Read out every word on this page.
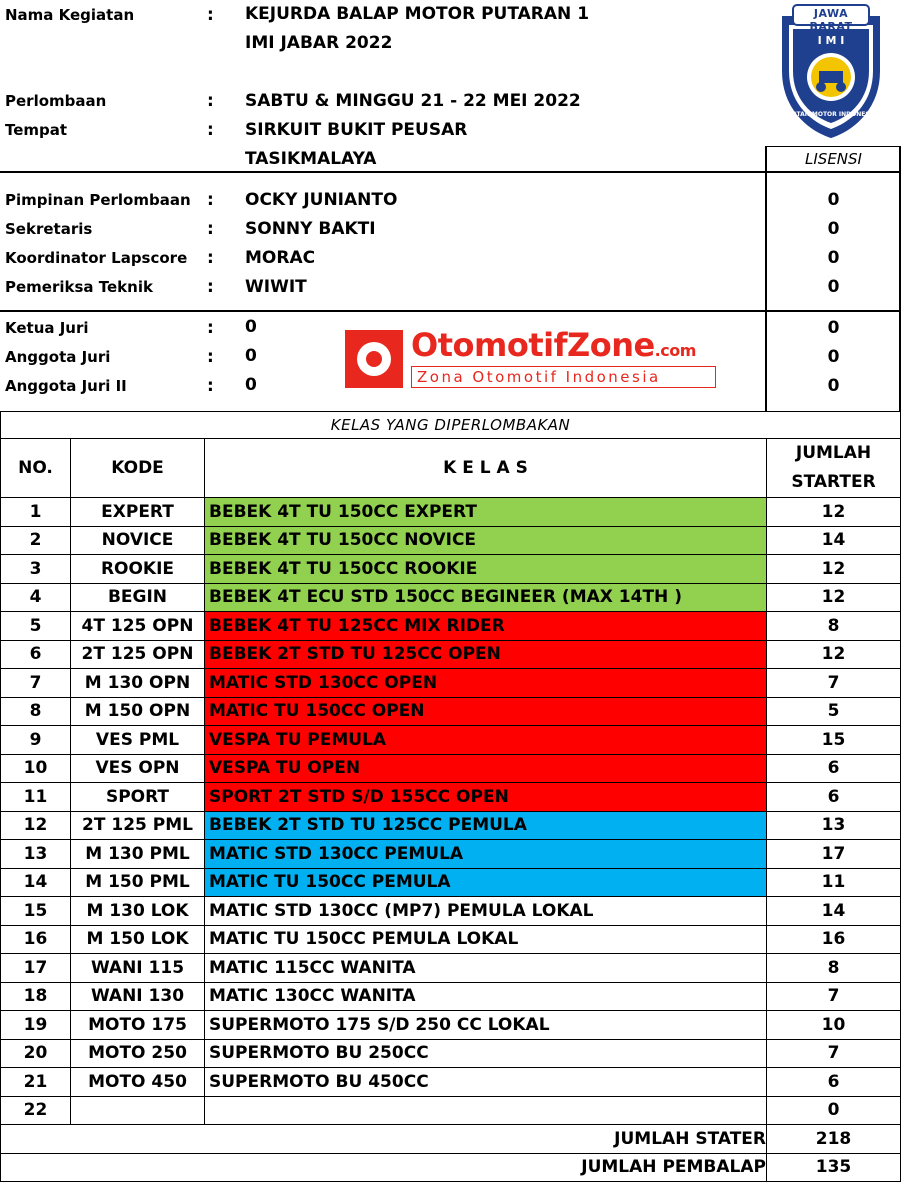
Nama Kegiatan	: KEJURDA BALAP MOTOR PUTARAN 1
IMI JABAR 2022
Perlombaan	: SABTU & MINGGU 21 - 22 MEI 2022
Tempat	: SIRKUIT BUKIT PEUSAR
TASIKMALAYA
JAWA BARAT
I M I
IKATAN MOTOR INDONESIA
LISENSI
Pimpinan Perlombaan : OCKY JUNIANTO	0
Sekretaris	: SONNY BAKTI	0
Koordinator Lapscore : MORAC	0
Pemeriksa Teknik	: WIWIT	0
Ketua Juri	: 0	0
Anggota Juri	: 0	0
Anggota Juri II	: 0	0
OtomotifZone.com
Zona Otomotif Indonesia
KELAS YANG DIPERLOMBAKAN			
NO.	KODE	K E L A S	JUMLAH
STARTER

1	EXPERT	BEBEK 4T TU 150CC EXPERT	12
2	NOVICE	BEBEK 4T TU 150CC NOVICE	14
3	ROOKIE	BEBEK 4T TU 150CC ROOKIE	12
4	BEGIN	BEBEK 4T ECU STD 150CC BEGINEER (MAX 14TH )	12
5	4T 125 OPN	BEBEK 4T TU 125CC MIX RIDER	8
6	2T 125 OPN	BEBEK 2T STD TU 125CC OPEN	12
7	M 130 OPN	MATIC STD 130CC OPEN	7
8	M 150 OPN	MATIC TU 150CC OPEN	5
9	VES PML	VESPA TU PEMULA	15
10	VES OPN	VESPA TU OPEN	6
11	SPORT	SPORT 2T STD S/D 155CC OPEN	6
12	2T 125 PML	BEBEK 2T STD TU 125CC PEMULA	13
13	M 130 PML	MATIC STD 130CC PEMULA	17
14	M 150 PML	MATIC TU 150CC PEMULA	11
15	M 130 LOK	MATIC STD 130CC (MP7) PEMULA LOKAL	14
16	M 150 LOK	MATIC TU 150CC PEMULA LOKAL	16
17	WANI 115	MATIC 115CC WANITA	8
18	WANI 130	MATIC 130CC WANITA	7
19	MOTO 175	SUPERMOTO 175 S/D 250 CC LOKAL	10
20	MOTO 250	SUPERMOTO BU 250CC	7
21	MOTO 450	SUPERMOTO BU 450CC	6
22			0
JUMLAH STATER			218
JUMLAH PEMBALAP			135
